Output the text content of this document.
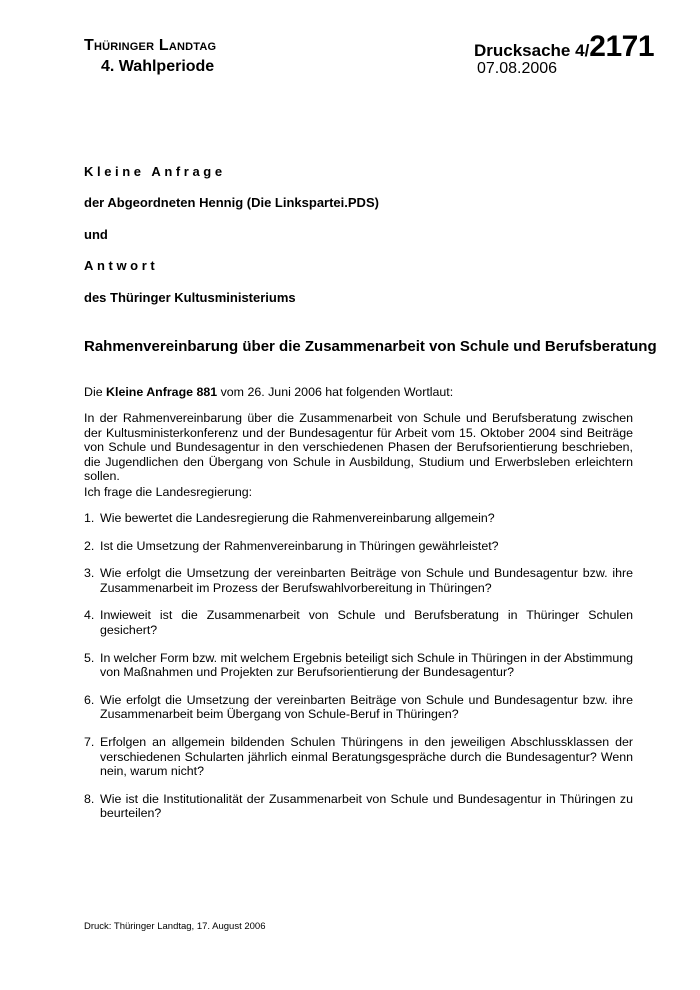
Thüringer Landtag
4. Wahlperiode
Drucksache 4/2171
07.08.2006
Kleine Anfrage
der Abgeordneten Hennig (Die Linkspartei.PDS)
und
Antwort
des Thüringer Kultusministeriums
Rahmenvereinbarung über die Zusammenarbeit von Schule und Berufsberatung
Die Kleine Anfrage 881 vom 26. Juni 2006 hat folgenden Wortlaut:
In der Rahmenvereinbarung über die Zusammenarbeit von Schule und Berufsberatung zwischen der Kultusministerkonferenz und der Bundesagentur für Arbeit vom 15. Oktober 2004 sind Beiträge von Schule und Bundesagentur in den verschiedenen Phasen der Berufsorientierung beschrieben, die Jugendlichen den Übergang von Schule in Ausbildung, Studium und Erwerbsleben erleichtern sollen.
Ich frage die Landesregierung:
1. Wie bewertet die Landesregierung die Rahmenvereinbarung allgemein?
2. Ist die Umsetzung der Rahmenvereinbarung in Thüringen gewährleistet?
3. Wie erfolgt die Umsetzung der vereinbarten Beiträge von Schule und Bundesagentur bzw. ihre Zusammenarbeit im Prozess der Berufswahlvorbereitung in Thüringen?
4. Inwieweit ist die Zusammenarbeit von Schule und Berufsberatung in Thüringer Schulen gesichert?
5. In welcher Form bzw. mit welchem Ergebnis beteiligt sich Schule in Thüringen in der Abstimmung von Maßnahmen und Projekten zur Berufsorientierung der Bundesagentur?
6. Wie erfolgt die Umsetzung der vereinbarten Beiträge von Schule und Bundesagentur bzw. ihre Zusammenarbeit beim Übergang von Schule-Beruf in Thüringen?
7. Erfolgen an allgemein bildenden Schulen Thüringens in den jeweiligen Abschlussklassen der verschiedenen Schularten jährlich einmal Beratungsgespräche durch die Bundesagentur? Wenn nein, warum nicht?
8. Wie ist die Institutionalität der Zusammenarbeit von Schule und Bundesagentur in Thüringen zu beurteilen?
Druck: Thüringer Landtag, 17. August 2006
